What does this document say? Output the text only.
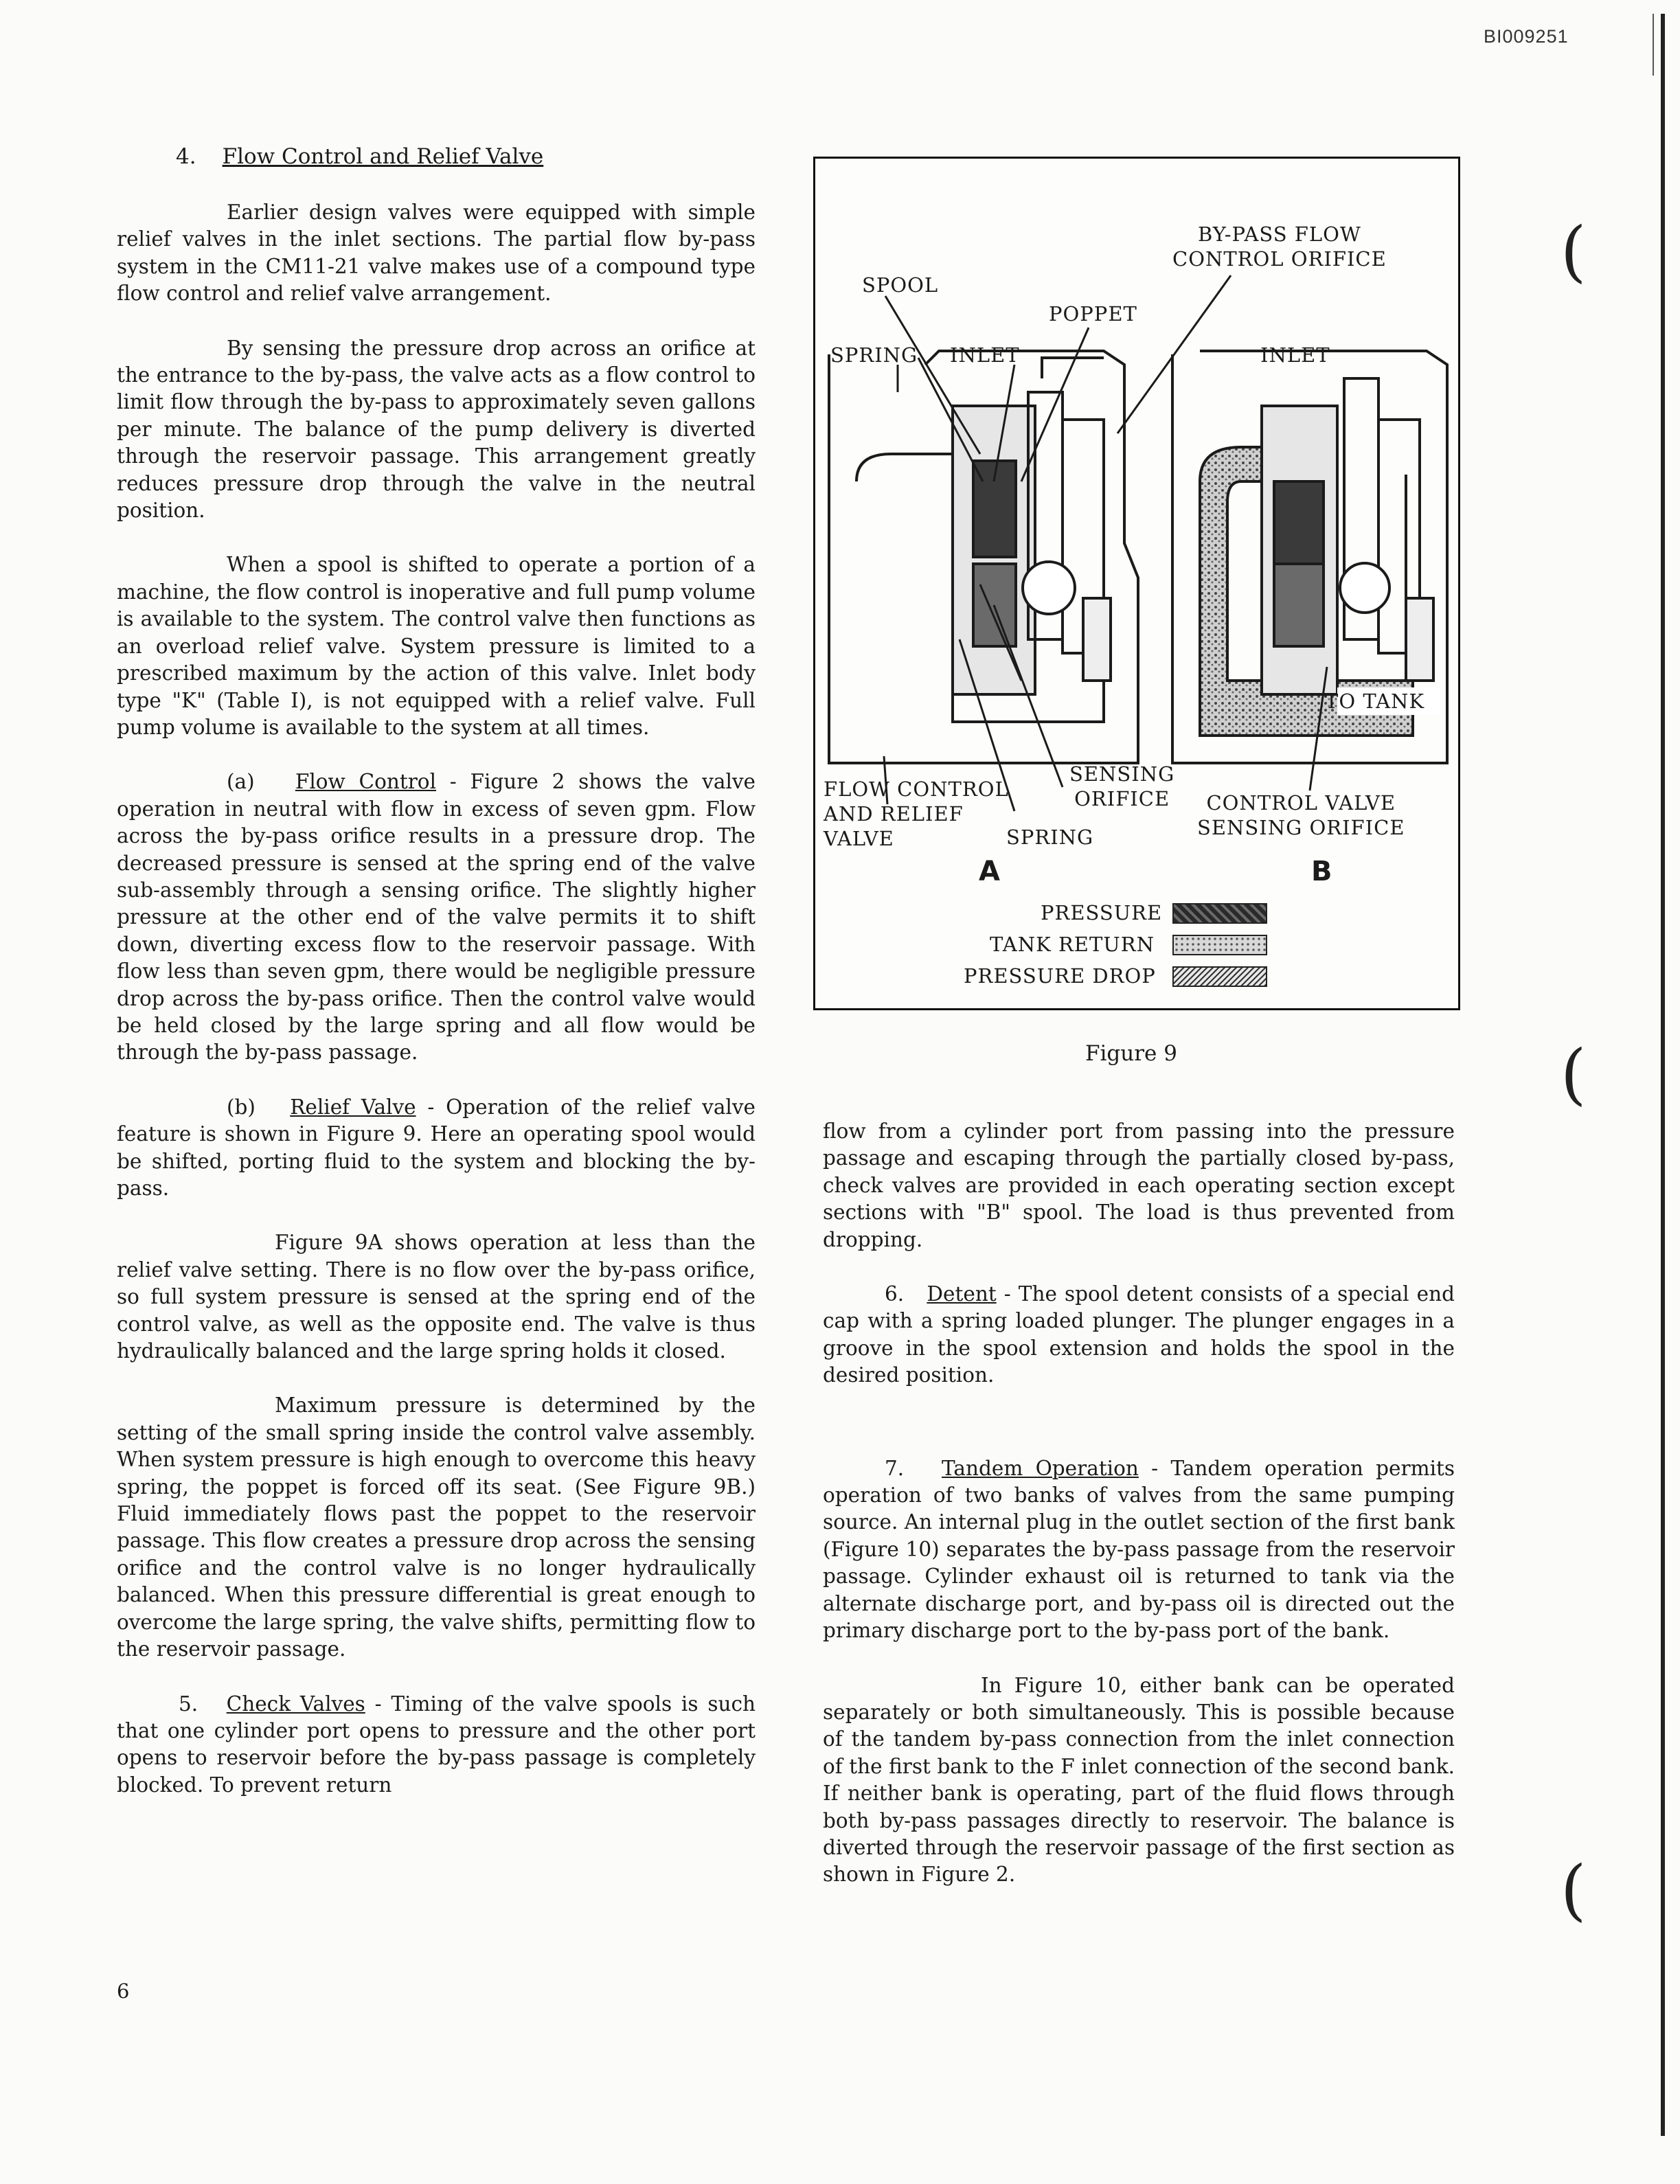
BI009251
(
(
(
4. Flow Control and Relief Valve

Earlier design valves were equipped with simple relief valves in the inlet sections. The partial flow by-pass system in the CM11-21 valve makes use of a compound type flow control and relief valve arrangement.

By sensing the pressure drop across an orifice at the entrance to the by-pass, the valve acts as a flow control to limit flow through the by-pass to approximately seven gallons per minute. The balance of the pump delivery is diverted through the reservoir passage. This arrangement greatly reduces pressure drop through the valve in the neutral position.

When a spool is shifted to operate a portion of a machine, the flow control is inoperative and full pump volume is available to the system. The control valve then functions as an overload relief valve. System pressure is limited to a prescribed maximum by the action of this valve. Inlet body type "K" (Table I), is not equipped with a relief valve. Full pump volume is available to the system at all times.

(a) Flow Control - Figure 2 shows the valve operation in neutral with flow in excess of seven gpm. Flow across the by-pass orifice results in a pressure drop. The decreased pressure is sensed at the spring end of the valve sub-assembly through a sensing orifice. The slightly higher pressure at the other end of the valve permits it to shift down, diverting excess flow to the reservoir passage. With flow less than seven gpm, there would be negligible pressure drop across the by-pass orifice. Then the control valve would be held closed by the large spring and all flow would be through the by-pass passage.

(b) Relief Valve - Operation of the relief valve feature is shown in Figure 9. Here an operating spool would be shifted, porting fluid to the system and blocking the by-pass.

Figure 9A shows operation at less than the relief valve setting. There is no flow over the by-pass orifice, so full system pressure is sensed at the spring end of the control valve, as well as the opposite end. The valve is thus hydraulically balanced and the large spring holds it closed.

Maximum pressure is determined by the setting of the small spring inside the control valve assembly. When system pressure is high enough to overcome this heavy spring, the poppet is forced off its seat. (See Figure 9B.) Fluid immediately flows past the poppet to the reservoir passage. This flow creates a pressure drop across the sensing orifice and the control valve is no longer hydraulically balanced. When this pressure differential is great enough to overcome the large spring, the valve shifts, permitting flow to the reservoir passage.

5. Check Valves - Timing of the valve spools is such that one cylinder port opens to pressure and the other port opens to reservoir before the by-pass passage is completely blocked. To prevent return

6
BY-PASS FLOW
CONTROL ORIFICE
SPOOL
POPPET
SPRING INLET	INLET
TO TANK
FLOW CONTROL
AND RELIEF
VALVE
SENSING
ORIFICE
SPRING
CONTROL VALVE
SENSING ORIFICE
A	B
PRESSURE
TANK RETURN
PRESSURE DROP
Figure 9

flow from a cylinder port from passing into the pressure passage and escaping through the partially closed by-pass, check valves are provided in each operating section except sections with "B" spool. The load is thus prevented from dropping.

6. Detent - The spool detent consists of a special end cap with a spring loaded plunger. The plunger engages in a groove in the spool extension and holds the spool in the desired position.

7. Tandem Operation - Tandem operation permits operation of two banks of valves from the same pumping source. An internal plug in the outlet section of the first bank (Figure 10) separates the by-pass passage from the reservoir passage. Cylinder exhaust oil is returned to tank via the alternate discharge port, and by-pass oil is directed out the primary discharge port to the by-pass port of the bank.

In Figure 10, either bank can be operated separately or both simultaneously. This is possible because of the tandem by-pass connection from the inlet connection of the first bank to the F inlet connection of the second bank. If neither bank is operating, part of the fluid flows through both by-pass passages directly to reservoir. The balance is diverted through the reservoir passage of the first section as shown in Figure 2.
